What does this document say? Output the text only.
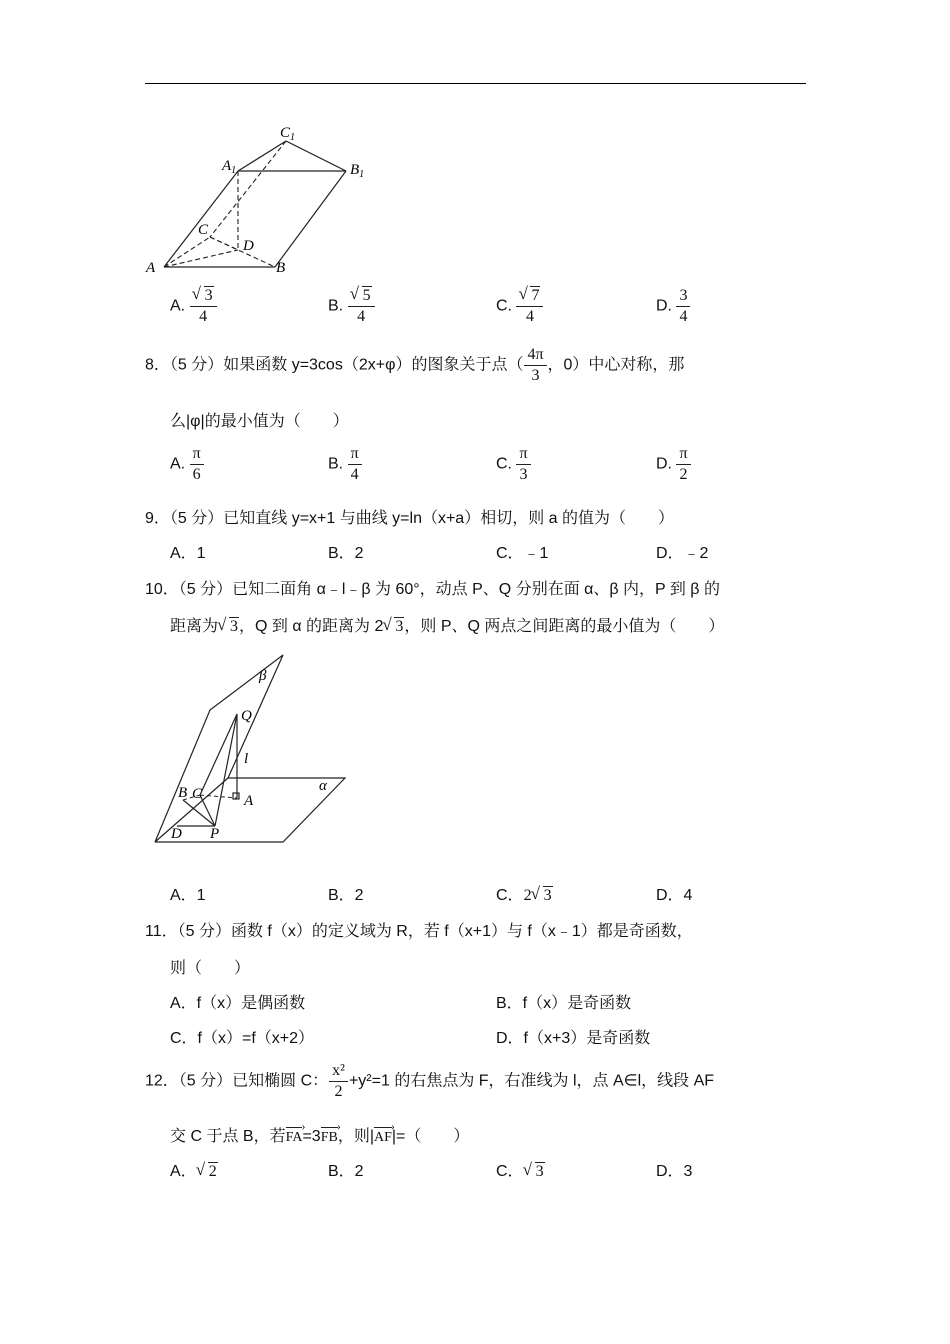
$C_1$
$A_1$	$B_1$
C
D
A	B
A. √ $\frac{3}{4}$	B. √ $\frac{5}{4}$	C. √ $\frac{7}{4}$	D. $\frac{3}{4}$
8．（5 分）如果函数 y=3cos（2x+φ）的图象关于点（ $\frac{4\pi}{3}$ ，0）中心对称，那
么|φ|的最小值为（　　）
A. $\frac{\pi}{6}$	B. $\frac{\pi}{4}$	C. $\frac{\pi}{3}$	D. $\frac{\pi}{2}$
9．（5 分）已知直线 y=x+1 与曲线 y=ln（x+a）相切，则 a 的值为（　　）
A．1	B．2	C．﹣1	D．﹣2
10．（5 分）已知二面角 α﹣l﹣β 为 60°，动点 P、Q 分别在面 α、β 内，P 到 β 的
距离为 √ 3，Q 到 α 的距离为 2 √ 3，则 P、Q 两点之间距离的最小值为（　　）
β
Q
l
α
B C	A
D P
A．1	B．2	C．2 √ 3	D．4
11．（5 分）函数 f（x）的定义域为 R，若 f（x+1）与 f（x﹣1）都是奇函数，
则（　　）
A．f（x）是偶函数	B．f（x）是奇函数
C．f（x）=f（x+2）	D．f（x+3）是奇函数
12．（5 分）已知椭圆 C： $\frac{\text{x²}}{2} +y^2=1$ 的右焦点为 F，右准线为 l，点 A∈l，线段 AF
交 C 于点 B，若FA ›=3FB ›，则|AF ›|=（　　）
A． √ 2	B．2	C． √ 3	D．3
